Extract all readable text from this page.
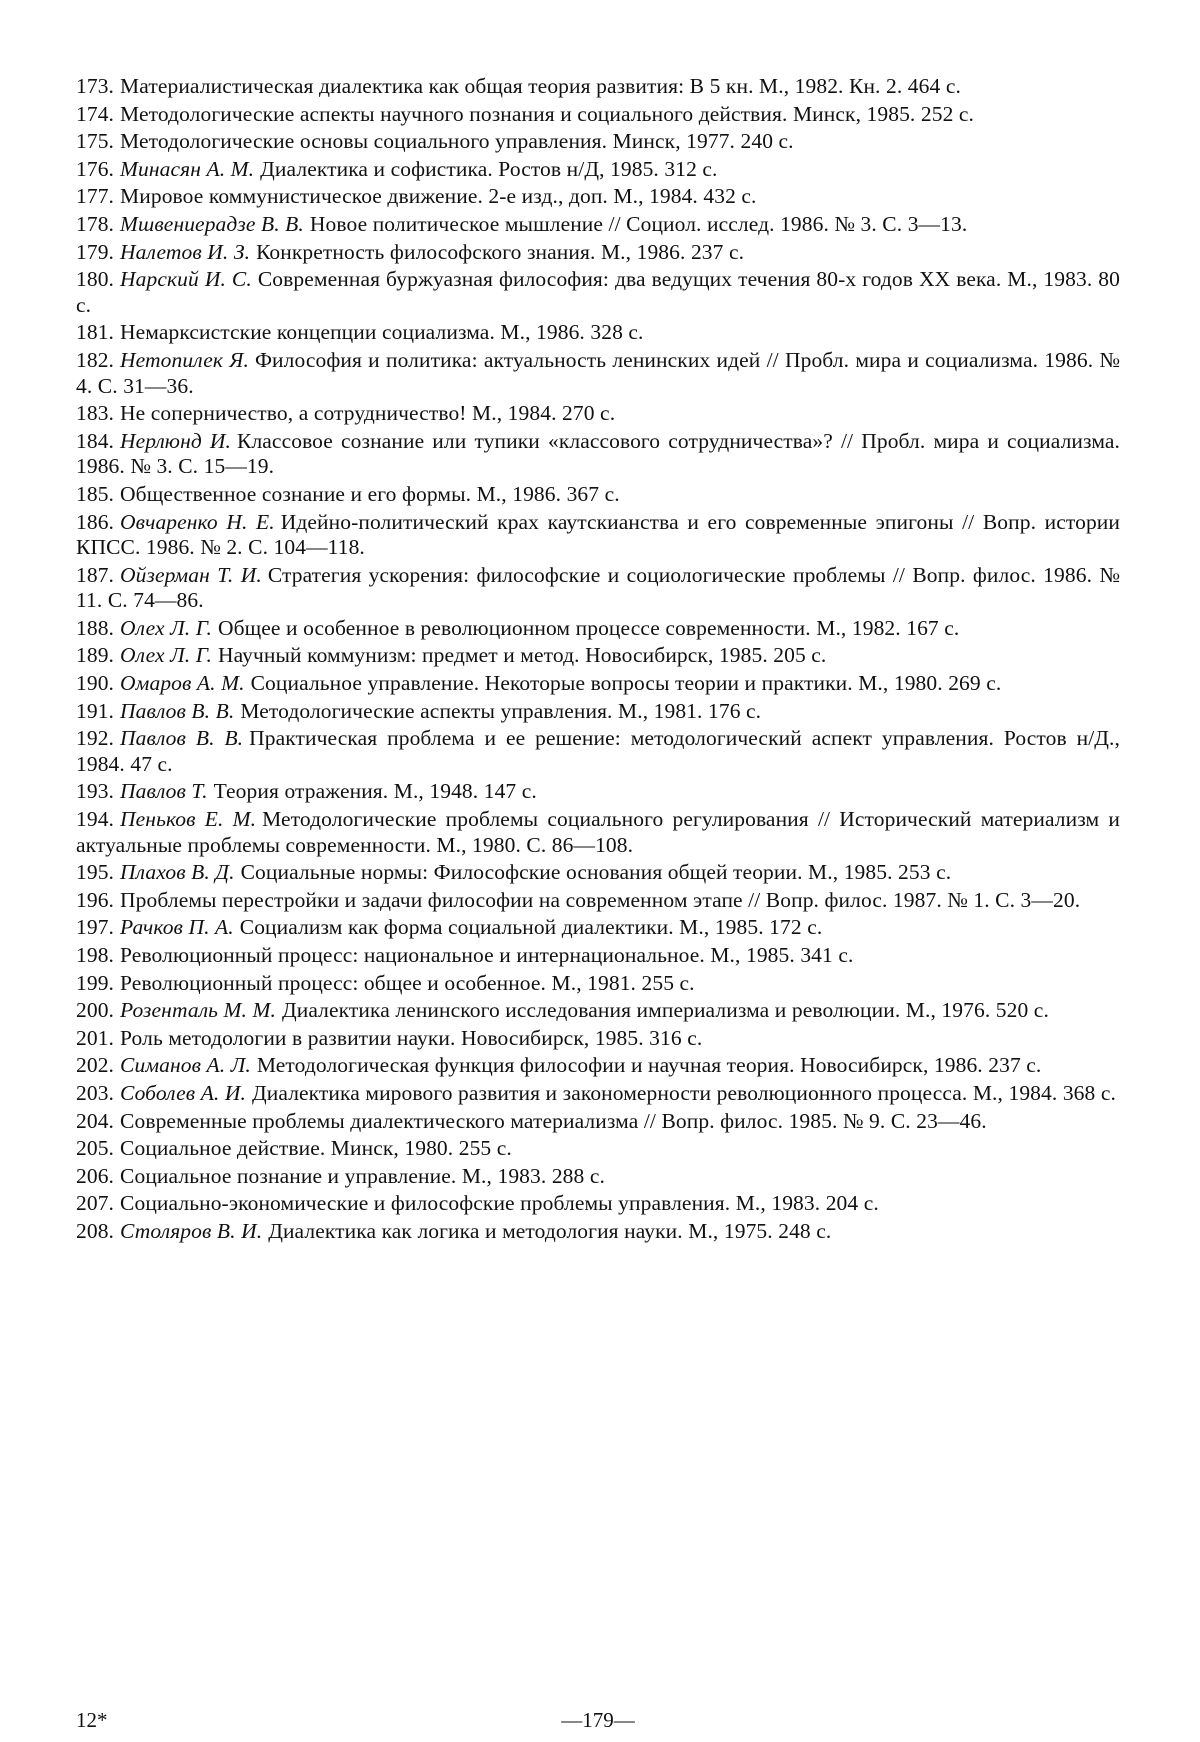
173. Материалистическая диалектика как общая теория развития: В 5 кн. М., 1982. Кн. 2. 464 с.

174. Методологические аспекты научного познания и социального действия. Минск, 1985. 252 с.

175. Методологические основы социального управления. Минск, 1977. 240 с.

176. Минасян А. М. Диалектика и софистика. Ростов н/Д, 1985. 312 с.

177. Мировое коммунистическое движение. 2-е изд., доп. М., 1984. 432 с.

178. Мшвениерадзе В. В. Новое политическое мышление // Социол. исслед. 1986. № 3. С. 3—13.

179. Налетов И. З. Конкретность философского знания. М., 1986. 237 с.

180. Нарский И. С. Современная буржуазная философия: два ведущих течения 80-х годов XX века. М., 1983. 80 с.

181. Немарксистские концепции социализма. М., 1986. 328 с.

182. Нетопилек Я. Философия и политика: актуальность ленинских идей // Пробл. мира и социализма. 1986. № 4. С. 31—36.

183. Не соперничество, а сотрудничество! М., 1984. 270 с.

184. Нерлюнд И. Классовое сознание или тупики «классового сотрудничества»? // Пробл. мира и социализма. 1986. № 3. С. 15—19.

185. Общественное сознание и его формы. М., 1986. 367 с.

186. Овчаренко Н. Е. Идейно-политический крах каутскианства и его современные эпигоны // Вопр. истории КПСС. 1986. № 2. С. 104—118.

187. Ойзерман Т. И. Стратегия ускорения: философские и социологические проблемы // Вопр. филос. 1986. № 11. С. 74—86.

188. Олех Л. Г. Общее и особенное в революционном процессе современности. М., 1982. 167 с.

189. Олех Л. Г. Научный коммунизм: предмет и метод. Новосибирск, 1985. 205 с.

190. Омаров А. М. Социальное управление. Некоторые вопросы теории и практики. М., 1980. 269 с.

191. Павлов В. В. Методологические аспекты управления. М., 1981. 176 с.

192. Павлов В. В. Практическая проблема и ее решение: методологический аспект управления. Ростов н/Д., 1984. 47 с.

193. Павлов Т. Теория отражения. М., 1948. 147 с.

194. Пеньков Е. М. Методологические проблемы социального регулирования // Исторический материализм и актуальные проблемы современности. М., 1980. С. 86—108.

195. Плахов В. Д. Социальные нормы: Философские основания общей теории. М., 1985. 253 с.

196. Проблемы перестройки и задачи философии на современном этапе // Вопр. филос. 1987. № 1. С. 3—20.

197. Рачков П. А. Социализм как форма социальной диалектики. М., 1985. 172 с.

198. Революционный процесс: национальное и интернациональное. М., 1985. 341 с.

199. Революционный процесс: общее и особенное. М., 1981. 255 с.

200. Розенталь М. М. Диалектика ленинского исследования империализма и революции. М., 1976. 520 с.

201. Роль методологии в развитии науки. Новосибирск, 1985. 316 с.

202. Симанов А. Л. Методологическая функция философии и научная теория. Новосибирск, 1986. 237 с.

203. Соболев А. И. Диалектика мирового развития и закономерности революционного процесса. М., 1984. 368 с.

204. Современные проблемы диалектического материализма // Вопр. филос. 1985. № 9. С. 23—46.

205. Социальное действие. Минск, 1980. 255 с.

206. Социальное познание и управление. М., 1983. 288 с.

207. Социально-экономические и философские проблемы управления. М., 1983. 204 с.

208. Столяров В. И. Диалектика как логика и методология науки. М., 1975. 248 с.

12*	—179—
